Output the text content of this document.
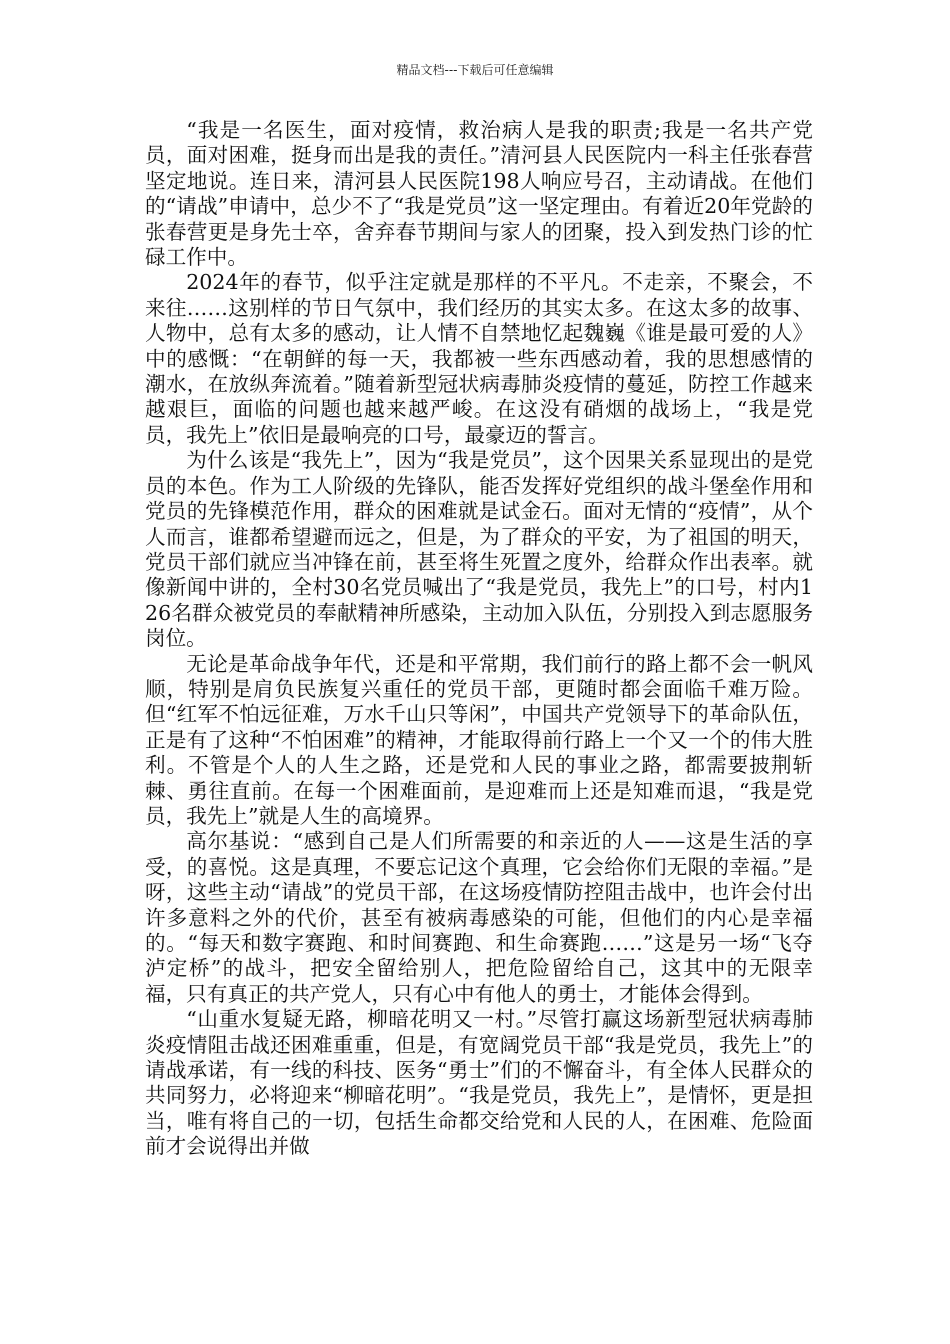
精品文档---下载后可任意编辑

“我是一名医生，面对疫情，救治病人是我的职责;我是一名共产党员，面对困难，挺身而出是我的责任。”清河县人民医院内一科主任张春营坚定地说。连日来，清河县人民医院198人响应号召，主动请战。在他们的“请战”申请中，总少不了“我是党员”这一坚定理由。有着近20年党龄的张春营更是身先士卒，舍弃春节期间与家人的团聚，投入到发热门诊的忙碌工作中。

2024年的春节，似乎注定就是那样的不平凡。不走亲，不聚会，不来往……这别样的节日气氛中，我们经历的其实太多。在这太多的故事、人物中，总有太多的感动，让人情不自禁地忆起魏巍《谁是最可爱的人》中的感慨：“在朝鲜的每一天，我都被一些东西感动着，我的思想感情的潮水，在放纵奔流着。”随着新型冠状病毒肺炎疫情的蔓延，防控工作越来越艰巨，面临的问题也越来越严峻。在这没有硝烟的战场上，“我是党员，我先上”依旧是最响亮的口号，最豪迈的誓言。

为什么该是“我先上”，因为“我是党员”，这个因果关系显现出的是党员的本色。作为工人阶级的先锋队，能否发挥好党组织的战斗堡垒作用和党员的先锋模范作用，群众的困难就是试金石。面对无情的“疫情”，从个人而言，谁都希望避而远之，但是，为了群众的平安，为了祖国的明天，党员干部们就应当冲锋在前，甚至将生死置之度外，给群众作出表率。就像新闻中讲的，全村30名党员喊出了“我是党员，我先上”的口号，村内126名群众被党员的奉献精神所感染，主动加入队伍，分别投入到志愿服务岗位。

无论是革命战争年代，还是和平常期，我们前行的路上都不会一帆风顺，特别是肩负民族复兴重任的党员干部，更随时都会面临千难万险。但“红军不怕远征难，万水千山只等闲”，中国共产党领导下的革命队伍，正是有了这种“不怕困难”的精神，才能取得前行路上一个又一个的伟大胜利。不管是个人的人生之路，还是党和人民的事业之路，都需要披荆斩棘、勇往直前。在每一个困难面前，是迎难而上还是知难而退，“我是党员，我先上”就是人生的高境界。

高尔基说：“感到自己是人们所需要的和亲近的人——这是生活的享受，的喜悦。这是真理，不要忘记这个真理，它会给你们无限的幸福。”是呀，这些主动“请战”的党员干部，在这场疫情防控阻击战中，也许会付出许多意料之外的代价，甚至有被病毒感染的可能，但他们的内心是幸福的。“每天和数字赛跑、和时间赛跑、和生命赛跑……”这是另一场“飞夺泸定桥”的战斗，把安全留给别人，把危险留给自己，这其中的无限幸福，只有真正的共产党人，只有心中有他人的勇士，才能体会得到。

“山重水复疑无路，柳暗花明又一村。”尽管打赢这场新型冠状病毒肺炎疫情阻击战还困难重重，但是，有宽阔党员干部“我是党员，我先上”的请战承诺，有一线的科技、医务“勇士”们的不懈奋斗，有全体人民群众的共同努力，必将迎来“柳暗花明”。“我是党员，我先上”，是情怀，更是担当，唯有将自己的一切，包括生命都交给党和人民的人，在困难、危险面前才会说得出并做
